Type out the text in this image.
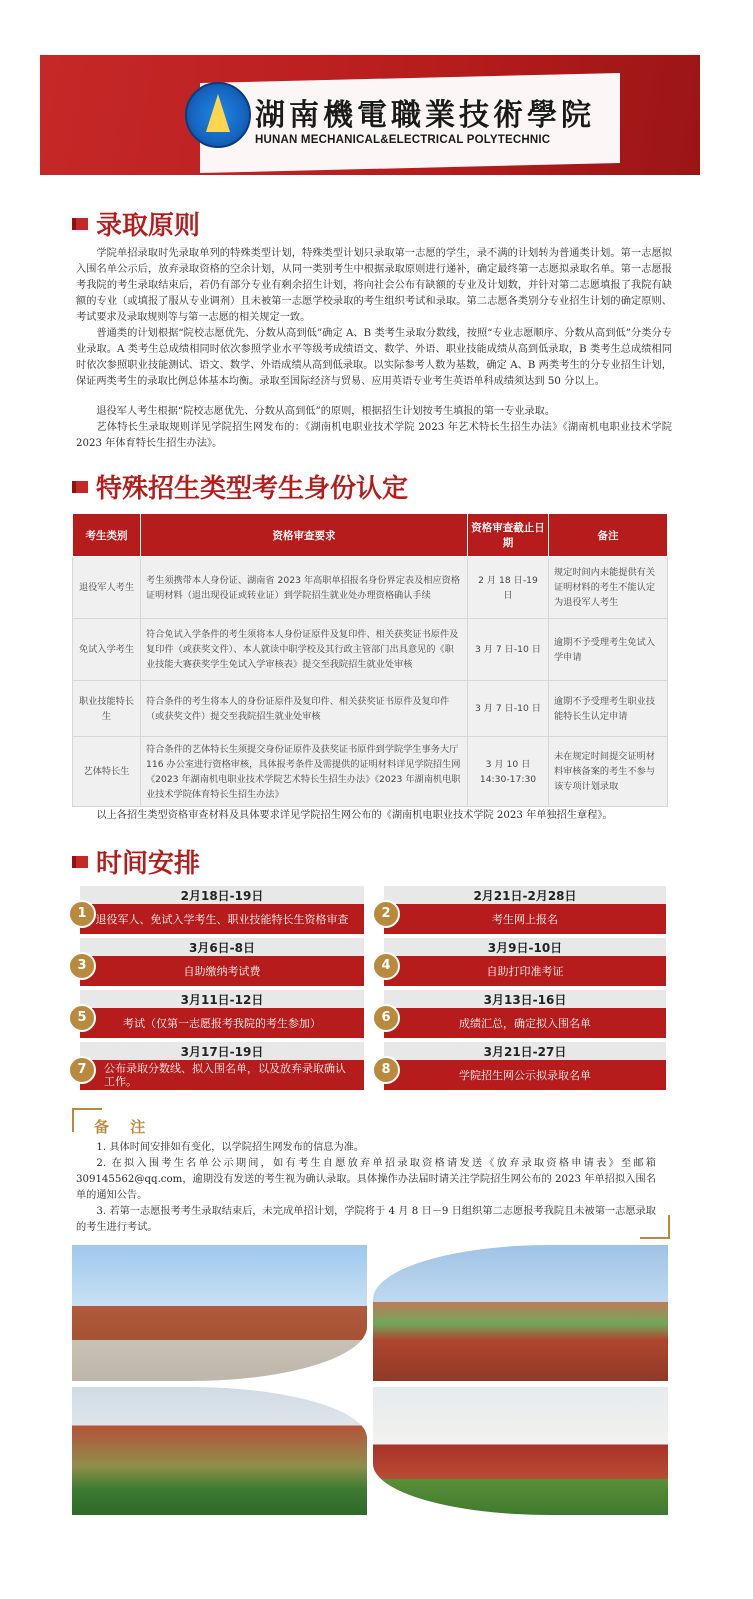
湖南機電職業技術學院
HUNAN MECHANICAL&ELECTRICAL POLYTECHNIC
录取原则

学院单招录取时先录取单列的特殊类型计划，特殊类型计划只录取第一志愿的学生，录不满的计划转为普通类计划。第一志愿拟入围名单公示后，放弃录取资格的空余计划，从同一类别考生中根据录取原则进行递补，确定最终第一志愿拟录取名单。第一志愿报考我院的考生录取结束后，若仍有部分专业有剩余招生计划，将向社会公布有缺额的专业及计划数，并针对第二志愿填报了我院有缺额的专业（或填报了服从专业调剂）且未被第一志愿学校录取的考生组织考试和录取。第二志愿各类别分专业招生计划的确定原则、考试要求及录取规则等与第一志愿的相关规定一致。

普通类的计划根据“院校志愿优先、分数从高到低”确定 A、B 类考生录取分数线，按照“专业志愿顺序、分数从高到低”分类分专业录取。A 类考生总成绩相同时依次参照学业水平等级考成绩语文、数学、外语、职业技能成绩从高到低录取，B 类考生总成绩相同时依次参照职业技能测试、语文、数学、外语成绩从高到低录取。以实际参考人数为基数，确定 A、B 两类考生的分专业招生计划，保证两类考生的录取比例总体基本均衡。录取至国际经济与贸易、应用英语专业考生英语单科成绩须达到 50 分以上。

退役军人考生根据“院校志愿优先、分数从高到低”的原则，根据招生计划按考生填报的第一专业录取。

艺体特长生录取规则详见学院招生网发布的：《湖南机电职业技术学院 2023 年艺术特长生招生办法》《湖南机电职业技术学院 2023 年体育特长生招生办法》。

特殊招生类型考生身份认定
考生类别	资格审查要求	资格审查截止日期	备注
退役军人考生	考生须携带本人身份证、湖南省 2023 年高职单招报名身份界定表及相应资格证明材料（退出现役证或转业证）到学院招生就业处办理资格确认手续	2 月 18 日-19 日	规定时间内未能提供有关证明材料的考生不能认定为退役军人考生
免试入学考生	符合免试入学条件的考生须将本人身份证原件及复印件、相关获奖证书原件及复印件（或获奖文件）、本人就读中职学校及其行政主管部门出具意见的《职业技能大赛获奖学生免试入学审核表》提交至我院招生就业处审核	3 月 7 日-10 日	逾期不予受理考生免试入学申请
职业技能特长生	符合条件的考生将本人的身份证原件及复印件、相关获奖证书原件及复印件（或获奖文件）提交至我院招生就业处审核	3 月 7 日-10 日	逾期不予受理考生职业技能特长生认定申请
艺体特长生	符合条件的艺体特长生须提交身份证原件及获奖证书原件到学院学生事务大厅 116 办公室进行资格审核，具体报考条件及需提供的证明材料详见学院招生网《2023 年湖南机电职业技术学院艺术特长生招生办法》《2023 年湖南机电职业技术学院体育特长生招生办法》	3 月 10 日 14:30-17:30	未在规定时间提交证明材料审核备案的考生不参与该专项计划录取

以上各招生类型资格审查材料及具体要求详见学院招生网公布的《湖南机电职业技术学院 2023 年单独招生章程》。

时间安排
2月18日-19日
退役军人、免试入学考生、职业技能特长生资格审查
1
2月21日-2月28日
考生网上报名
2
3月6日-8日
自助缴纳考试费
3
3月9日-10日
自助打印准考证
4
3月11日-12日
考试（仅第一志愿报考我院的考生参加）
5
3月13日-16日
成绩汇总，确定拟入围名单
6
3月17日-19日
公布录取分数线、拟入围名单，以及放弃录取确认工作。
7
3月21日-27日
学院招生网公示拟录取名单
8
备 注

1. 具体时间安排如有变化，以学院招生网发布的信息为准。

2. 在拟入围考生名单公示期间，如有考生自愿放弃单招录取资格请发送《放弃录取资格申请表》至邮箱 309145562@qq.com，逾期没有发送的考生视为确认录取。具体操作办法届时请关注学院招生网公布的 2023 年单招拟入围名单的通知公告。

3. 若第一志愿报考考生录取结束后，未完成单招计划，学院将于 4 月 8 日－9 日组织第二志愿报考我院且未被第一志愿录取的考生进行考试。
